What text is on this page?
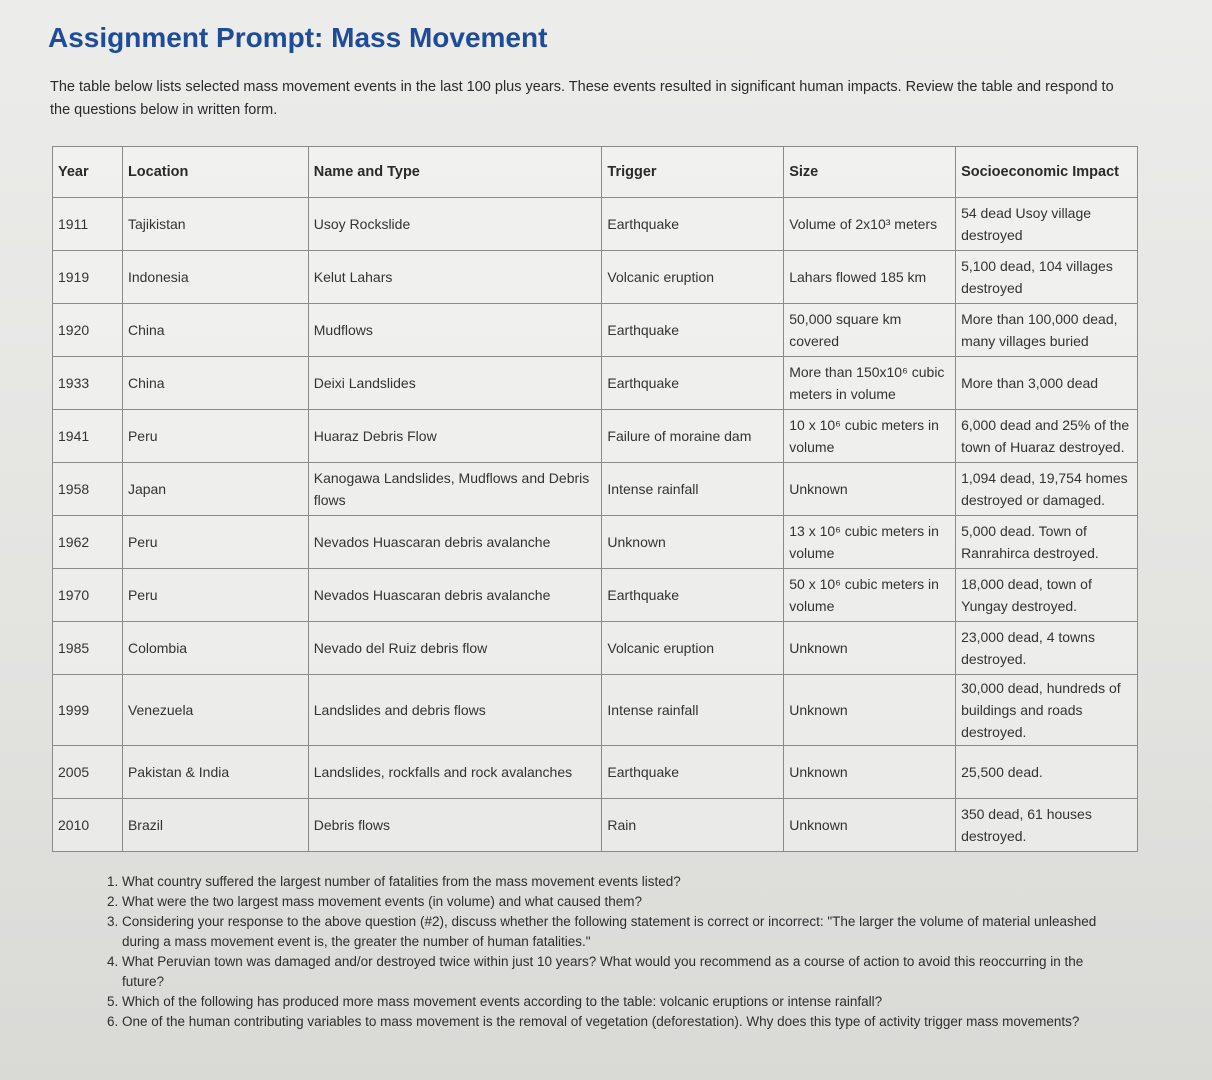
Assignment Prompt: Mass Movement

The table below lists selected mass movement events in the last 100 plus years. These events resulted in significant human impacts. Review the table and respond to the questions below in written form.

Year	Location	Name and Type	Trigger	Size	Socioeconomic Impact
1911	Tajikistan	Usoy Rockslide	Earthquake	Volume of 2x10³ meters	54 dead Usoy village destroyed
1919	Indonesia	Kelut Lahars	Volcanic eruption	Lahars flowed 185 km	5,100 dead, 104 villages destroyed
1920	China	Mudflows	Earthquake	50,000 square km covered	More than 100,000 dead, many villages buried
1933	China	Deixi Landslides	Earthquake	More than 150x10⁶ cubic meters in volume	More than 3,000 dead
1941	Peru	Huaraz Debris Flow	Failure of moraine dam	10 x 10⁶ cubic meters in volume	6,000 dead and 25% of the town of Huaraz destroyed.
1958	Japan	Kanogawa Landslides, Mudflows and Debris flows	Intense rainfall	Unknown	1,094 dead, 19,754 homes destroyed or damaged.
1962	Peru	Nevados Huascaran debris avalanche	Unknown	13 x 10⁶ cubic meters in volume	5,000 dead. Town of Ranrahirca destroyed.
1970	Peru	Nevados Huascaran debris avalanche	Earthquake	50 x 10⁶ cubic meters in volume	18,000 dead, town of Yungay destroyed.
1985	Colombia	Nevado del Ruiz debris flow	Volcanic eruption	Unknown	23,000 dead, 4 towns destroyed.
1999	Venezuela	Landslides and debris flows	Intense rainfall	Unknown	30,000 dead, hundreds of buildings and roads destroyed.
2005	Pakistan & India	Landslides, rockfalls and rock avalanches	Earthquake	Unknown	25,500 dead.
2010	Brazil	Debris flows	Rain	Unknown	350 dead, 61 houses destroyed.
1. What country suffered the largest number of fatalities from the mass movement events listed?
2. What were the two largest mass movement events (in volume) and what caused them?
3. Considering your response to the above question (#2), discuss whether the following statement is correct or incorrect: "The larger the volume of material unleashed during a mass movement event is, the greater the number of human fatalities."
4. What Peruvian town was damaged and/or destroyed twice within just 10 years? What would you recommend as a course of action to avoid this reoccurring in the future?
5. Which of the following has produced more mass movement events according to the table: volcanic eruptions or intense rainfall?
6. One of the human contributing variables to mass movement is the removal of vegetation (deforestation). Why does this type of activity trigger mass movements?
